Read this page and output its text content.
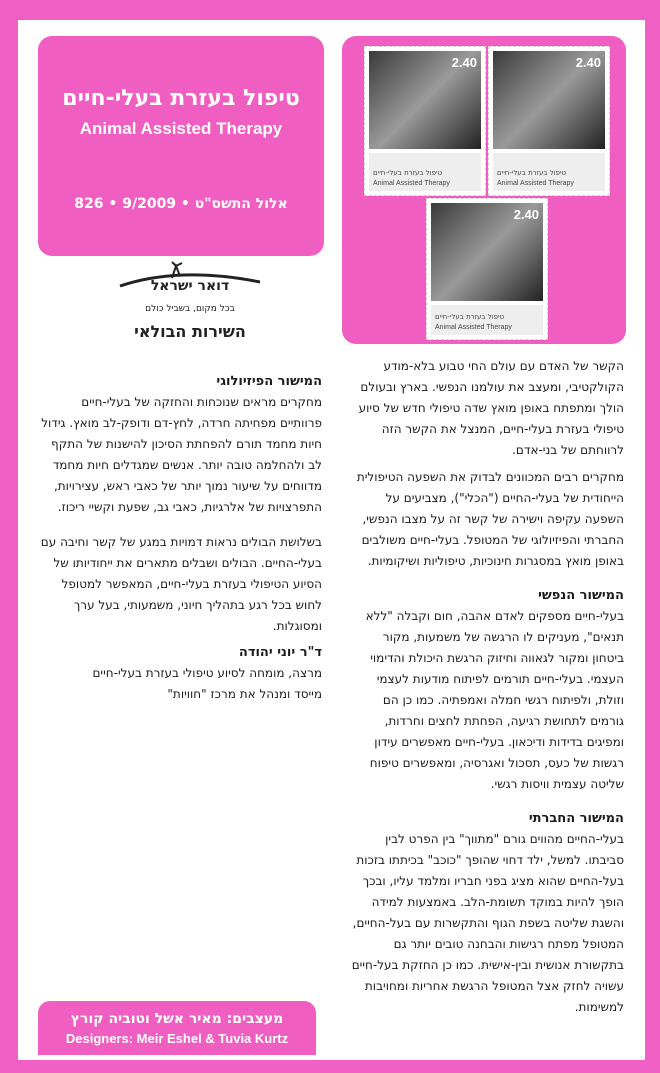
טיפול בעזרת בעלי-חיים
Animal Assisted Therapy
אלול התשס"ט • 9/2009 • 826
דואר ישראל
בכל מקום, בשביל כולם
השירות הבולאי
2.40
טיפול בעזרת בעלי-חיים
Animal Assisted Therapy
2.40
טיפול בעזרת בעלי-חיים
Animal Assisted Therapy
2.40
טיפול בעזרת בעלי-חיים
Animal Assisted Therapy

הקשר של האדם עם עולם החי טבוע בלא-מודע הקולקטיבי, ומעצב את עולמנו הנפשי. בארץ ובעולם הולך ומתפתח באופן מואץ שדה טיפולי חדש של סיוע טיפולי בעזרת בעלי-חיים, המנצל את הקשר הזה לרווחתם של בני-אדם.

מחקרים רבים המכוונים לבדוק את השפעה הטיפולית הייחודית של בעלי-החיים ("הכלי"), מצביעים על השפעה עקיפה וישירה של קשר זה על מצבו הנפשי, החברתי והפיזיולוגי של המטופל. בעלי-חיים משולבים באופן מואץ במסגרות חינוכיות, טיפוליות ושיקומיות.

המישור הנפשי

בעלי-חיים מספקים לאדם אהבה, חום וקבלה "ללא תנאים", מעניקים לו הרגשה של משמעות, מקור ביטחון ומקור לגאווה וחיזוק הרגשת היכולת והדימוי העצמי. בעלי-חיים תורמים לפיתוח מודעות לעצמי וזולת, ולפיתוח רגשי חמלה ואמפתיה. כמו כן הם גורמים לתחושת רגיעה, הפחתת לחצים וחרדות, ומפיגים בדידות ודיכאון. בעלי-חיים מאפשרים עידון רגשות של כעס, תסכול ואגרסיה, ומאפשרים טיפוח שליטה עצמית וויסות רגשי.

המישור החברתי

בעלי-החיים מהווים גורם "מתווך" בין הפרט לבין סביבתו. למשל, ילד דחוי שהופך "כוכב" בכיתתו בזכות בעל-החיים שהוא מציג בפני חבריו ומלמד עליו, ובכך הופך להיות במוקד תשומת-הלב. באמצעות למידה והשגת שליטה בשפת הגוף והתקשרות עם בעל-החיים, המטופל מפתח רגישות והבחנה טובים יותר גם בתקשורת אנושית ובין-אישית. כמו כן החזקת בעל-חיים עשויה לחזק אצל המטופל הרגשת אחריות ומחויבות למשימות.

המישור הפיזיולוגי

מחקרים מראים שנוכחות והחזקה של בעלי-חיים פרוותיים מפחיתה חרדה, לחץ-דם ודופק-לב מואץ. גידול חיות מחמד תורם להפחתת הסיכון להישנות של התקף לב ולהחלמה טובה יותר. אנשים שמגדלים חיות מחמד מדווחים על שיעור נמוך יותר של כאבי ראש, עצירויות, התפרצויות של אלרגיות, כאבי גב, שפעת וקשיי ריכוז.

בשלושת הבולים נראות דמויות במגע של קשר וחיבה עם בעלי-החיים. הבולים ושבלים מתארים את ייחודיותו של הסיוע הטיפולי בעזרת בעלי-חיים, המאפשר למטופל לחוש בכל רגע בתהליך חיוני, משמעותי, בעל ערך ומסוגלות.

ד"ר יוני יהודה

מרצה, מומחה לסיוע טיפולי בעזרת בעלי-חיים

מייסד ומנהל את מרכז "חוויות"

מעצבים: מאיר אשל וטוביה קורץ
Designers: Meir Eshel & Tuvia Kurtz
